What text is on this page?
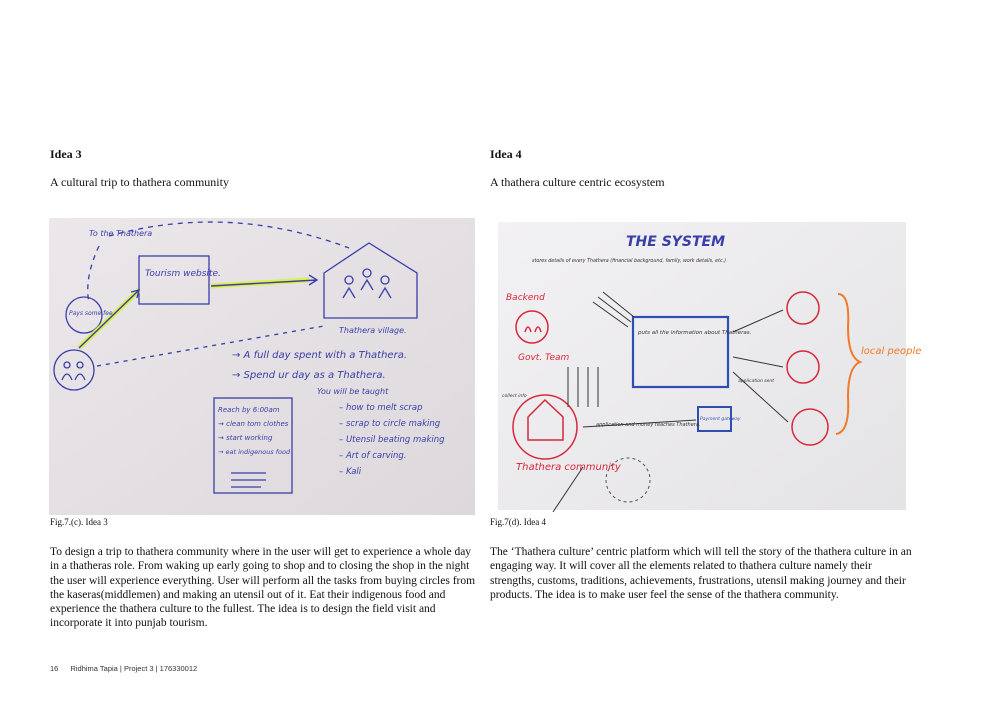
Idea 3
A cultural trip to thathera community
To the Thathera
Tourism website.
Thathera village.
Pays some fee
→ A full day spent with a Thathera.
→ Spend ur day as a Thathera.
You will be taught
– how to melt scrap
– scrap to circle making
– Utensil beating making
– Art of carving.
– Kali
Reach by 6:00am
→ clean tom clothes
→ start working
→ eat indigenous food
Fig.7.(c). Idea 3
To design a trip to thathera community where in the user will get to experience a whole day in a thatheras role. From waking up early going to shop and to closing the shop in the night the user will experience everything. User will perform all the tasks from buying circles from the kaseras(middlemen) and making an utensil out of it. Eat their indigenous food and experience the thathera culture to the fullest. The idea is to design the field visit and incorporate it into punjab tourism.
Idea 4
A thathera culture centric ecosystem
THE SYSTEM
Backend
Govt. Team
Thathera community
local people
puts all the information about Thatheras.
Payment gateway
stores details of every Thathera (financial background, family, work details, etc.)
application and money reaches Thathera.
application sent
collect info
Fig.7(d). Idea 4
The ‘Thathera culture’ centric platform which will tell the story of the thathera culture in an engaging way. It will cover all the elements related to thathera culture namely their strengths, customs, traditions, achievements, frustrations, utensil making journey and their products. The idea is to make user feel the sense of the thathera community.
16 Ridhima Tapia | Project 3 | 176330012
